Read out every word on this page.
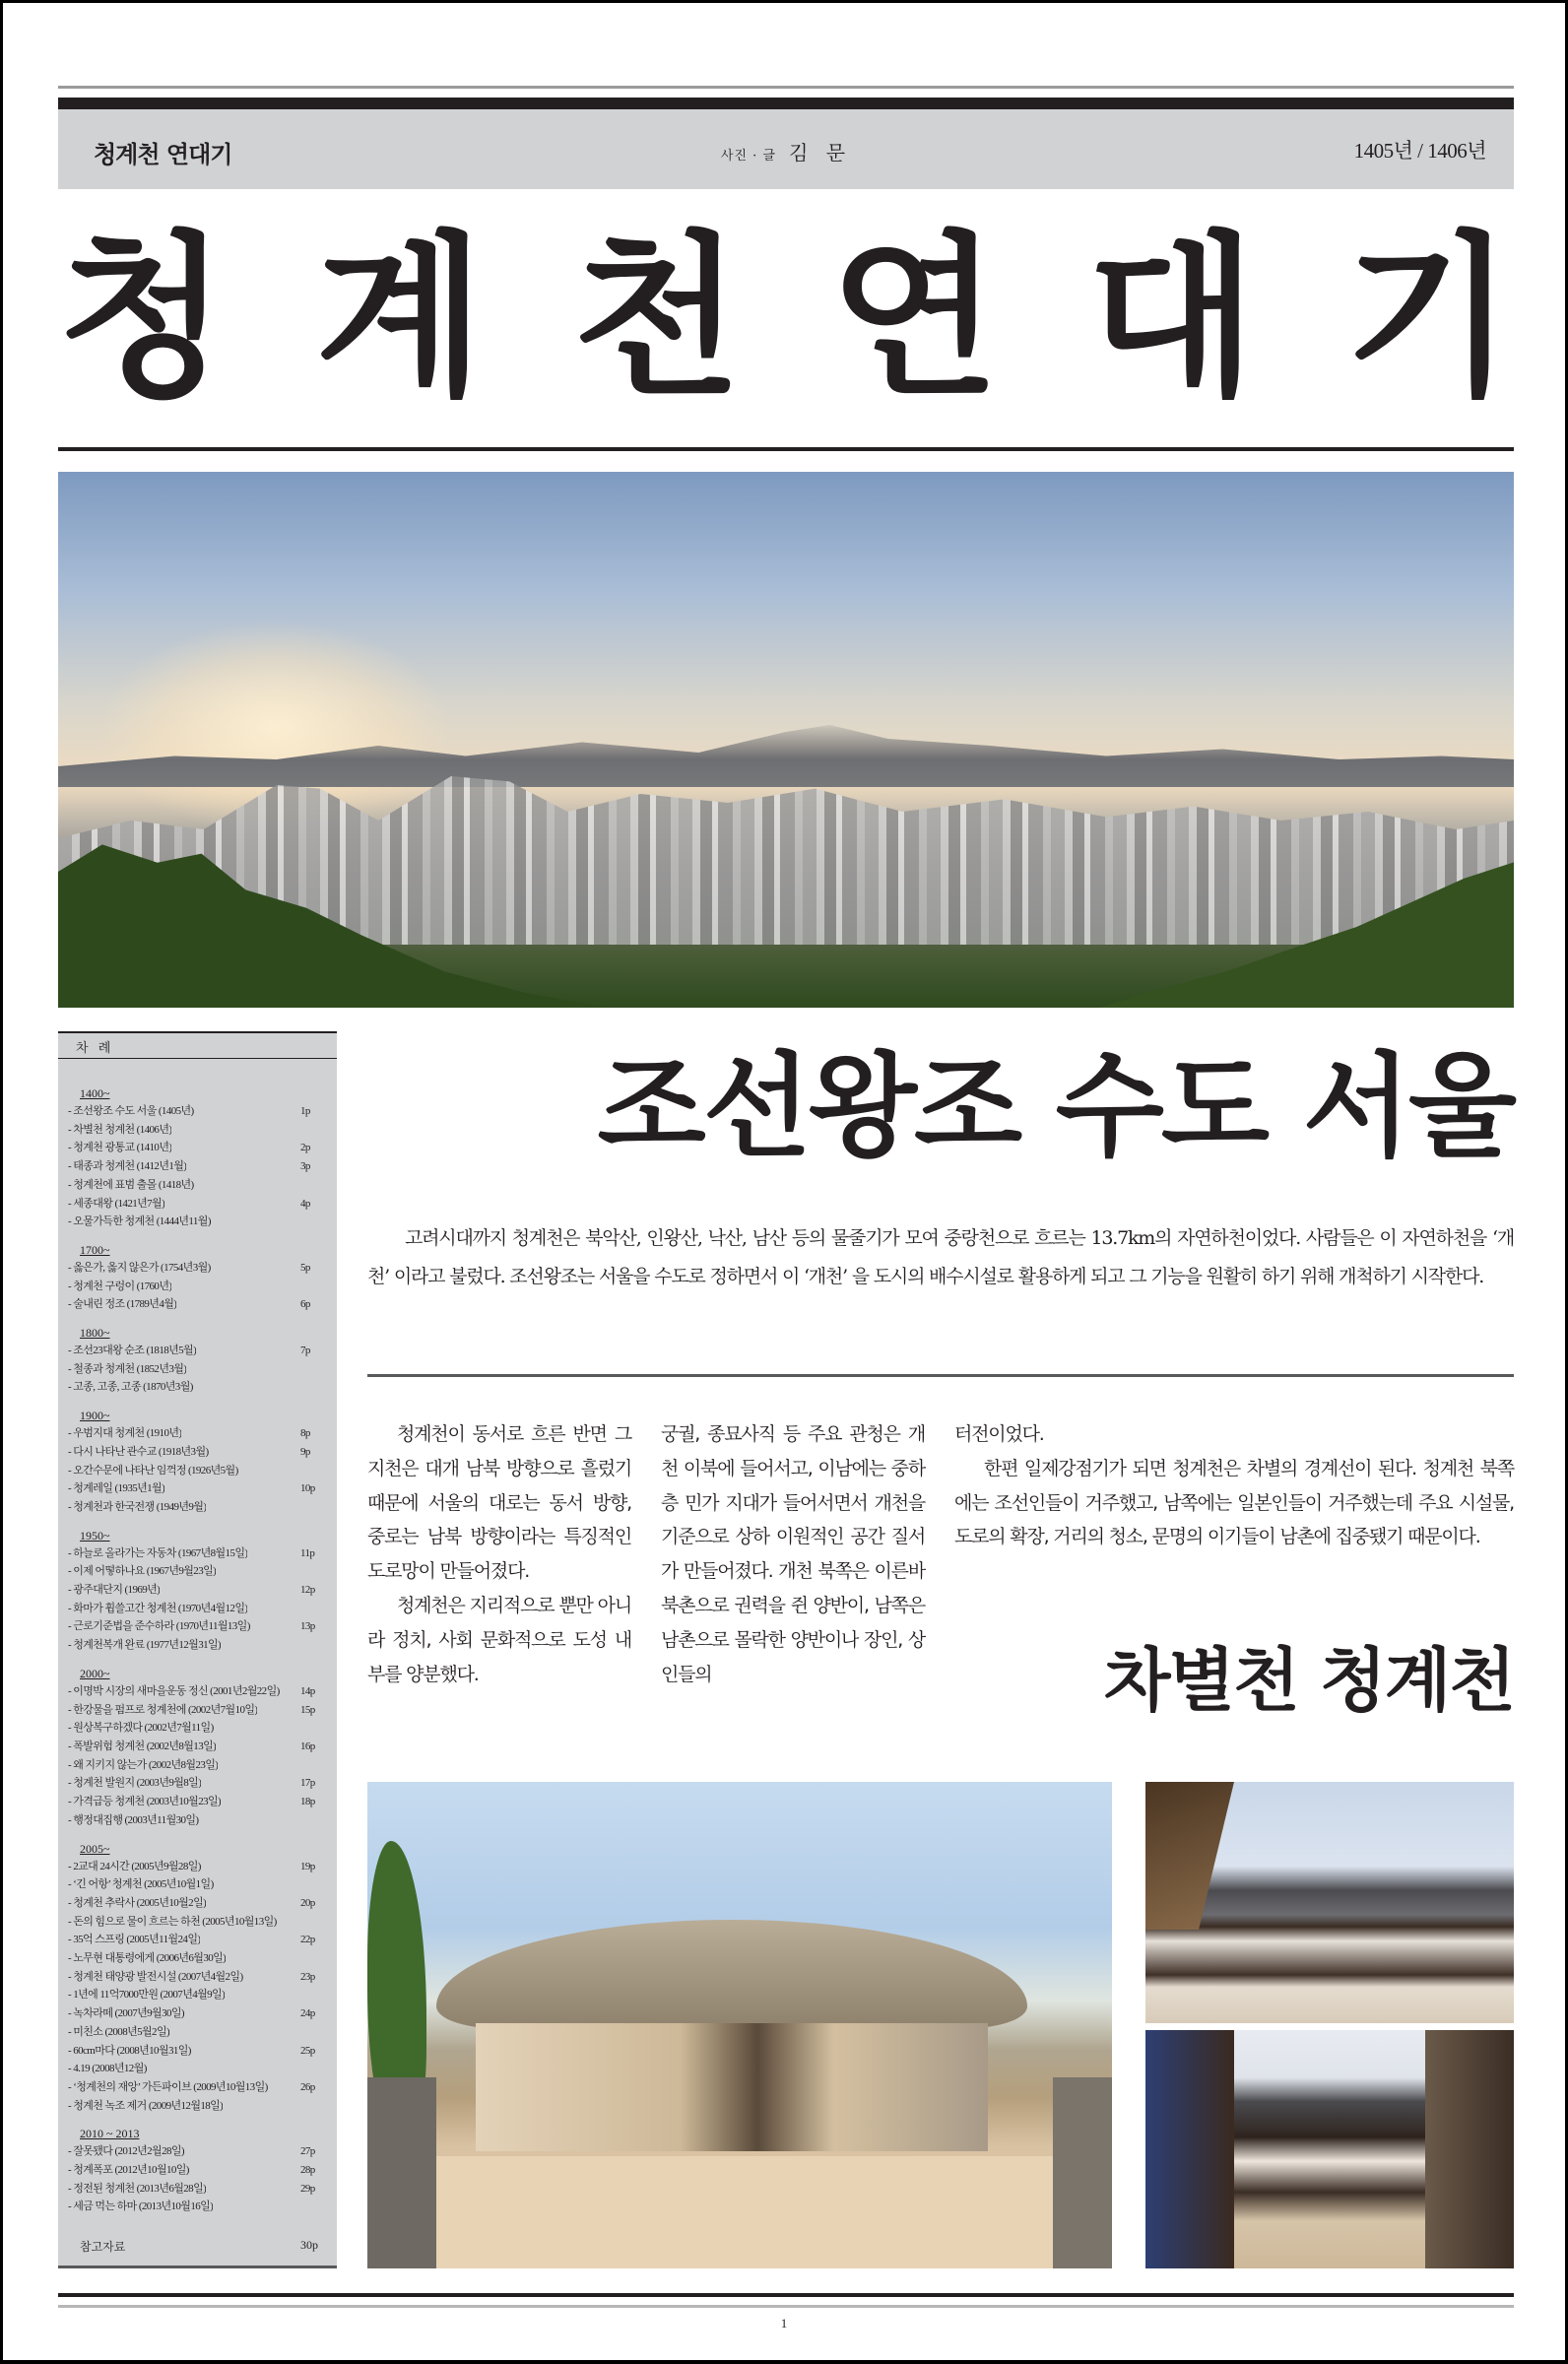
청계천 연대기	사진 · 글 김 문	1405년 / 1406년
청 계 천 연 대 기
차 례
1400~
- 조선왕조 수도 서울 (1405년)	1p
- 차별천 청계천 (1406년)
- 청계천 광통교 (1410년)	2p
- 태종과 청계천 (1412년1월)	3p
- 청계천에 표범 출몰 (1418년)
- 세종대왕 (1421년7월)	4p
- 오물가득한 청계천 (1444년11월)
1700~
- 옳은가, 옳지 않은가 (1754년3월)	5p
- 청계천 구렁이 (1760년)
- 술내린 정조 (1789년4월)	6p
1800~
- 조선23대왕 순조 (1818년5월)	7p
- 철종과 청계천 (1852년3월)
- 고종, 고종, 고종 (1870년3월)
1900~
- 우범지대 청계천 (1910년)	8p
- 다시 나타난 관수교 (1918년3월)	9p
- 오간수문에 나타난 임꺽정 (1926년5월)
- 청계레일 (1935년1월)	10p
- 청계천과 한국전쟁 (1949년9월)
1950~
- 하늘로 올라가는 자동차 (1967년8월15일)	11p
- 이제 어떻하나요 (1967년9월23일)
- 광주대단지 (1969년)	12p
- 화마가 휩쓸고간 청계천 (1970년4월12일)
- 근로기준법을 준수하라 (1970년11월13일)	13p
- 청계천복개 완료 (1977년12월31일)
2000~
- 이명박 시장의 새마을운동 정신 (2001년2월22일) 14p
- 한강물을 펌프로 청계천에 (2002년7월10일)	15p
- 원상복구하겠다 (2002년7월11일)
- 폭발위험 청계천 (2002년8월13일)	16p
- 왜 지키지 않는가 (2002년8월23일)
- 청계천 발원지 (2003년9월8일)	17p
- 가격급등 청계천 (2003년10월23일)	18p
- 행정대집행 (2003년11월30일)
2005~
- 2교대 24시간 (2005년9월28일)	19p
- ‘긴 어항’ 청계천 (2005년10월1일)
- 청계천 추락사 (2005년10월2일)	20p
- 돈의 힘으로 물이 흐르는 하천 (2005년10월13일)
- 35억 스프링 (2005년11월24일)	22p
- 노무현 대통령에게 (2006년6월30일)
- 청계천 태양광 발전시설 (2007년4월2일)	23p
- 1년에 11억7000만원 (2007년4월9일)
- 녹차라떼 (2007년9월30일)	24p
- 미친소 (2008년5월2일)
- 60cm마다 (2008년10월31일)	25p
- 4.19 (2008년12월)
- ‘청계천의 재앙’ 가든파이브 (2009년10월13일)	26p
- 청계천 녹조 제거 (2009년12월18일)
2010 ~ 2013
- 잘못됐다 (2012년2월28일)	27p
- 청계폭포 (2012년10월10일)	28p
- 정전된 청계천 (2013년6월28일)	29p
- 세금 먹는 하마 (2013년10월16일)
참고자료	30p
조선왕조 수도 서울
고려시대까지 청계천은 북악산, 인왕산, 낙산, 남산 등의 물줄기가 모여 중랑천으로 흐르는 13.7km의 자연하천이었다. 사람들은 이 자연하천을 ‘개천’ 이라고 불렀다. 조선왕조는 서울을 수도로 정하면서 이 ‘개천’ 을 도시의 배수시설로 활용하게 되고 그 기능을 원활히 하기 위해 개척하기 시작한다.

청계천이 동서로 흐른 반면 그 지천은 대개 남북 방향으로 흘렀기 때문에 서울의 대로는 동서 방향, 중로는 남북 방향이라는 특징적인 도로망이 만들어졌다.

청계천은 지리적으로 뿐만 아니라 정치, 사회 문화적으로 도성 내부를 양분했다.

궁궐, 종묘사직 등 주요 관청은 개천 이북에 들어서고, 이남에는 중하층 민가 지대가 들어서면서 개천을 기준으로 상하 이원적인 공간 질서가 만들어졌다. 개천 북쪽은 이른바 북촌으로 권력을 쥔 양반이, 남쪽은 남촌으로 몰락한 양반이나 장인, 상인들의

터전이었다.

한편 일제강점기가 되면 청계천은 차별의 경계선이 된다. 청계천 북쪽에는 조선인들이 거주했고, 남쪽에는 일본인들이 거주했는데 주요 시설물, 도로의 확장, 거리의 청소, 문명의 이기들이 남촌에 집중됐기 때문이다.

차별천 청계천
1
